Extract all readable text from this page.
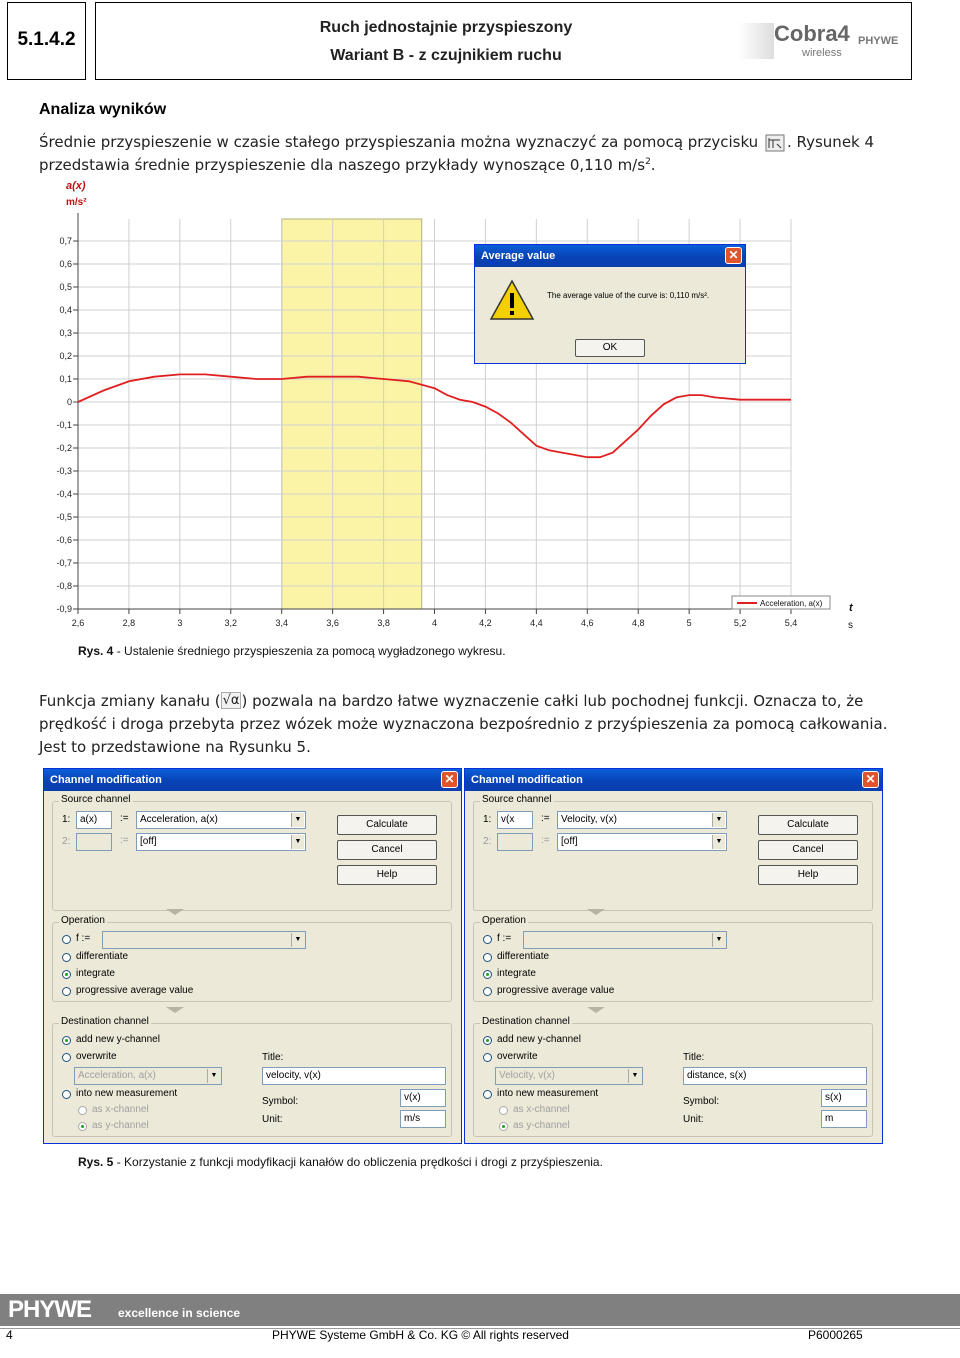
5.1.4.2
Ruch jednostajnie przyspieszony
Wariant B - z czujnikiem ruchu
Cobra4
wireless
PHYWE
Analiza wyników
Średnie przyspieszenie w czasie stałego przyspieszania można wyznaczyć za pomocą przycisku . Rysunek 4
przedstawia średnie przyspieszenie dla naszego przykłady wynoszące 0,110 $m/s^2$.
2,6	2,8	3	3,2	3,4	3,6	3,8	4	4,2	4,4	4,6	4,8	5	5,2	5,4
0,7
0,6
0,5
0,4
0,3
0,2
0,1
0
-0,1
-0,2
-0,3
-0,4
-0,5
-0,6
-0,7
-0,8
-0,9
a(x)
m/s²
t
s
Acceleration, a(x)
Average value	✕
The average value of the curve is: 0,110 m/s².
OK
Rys. 4 - Ustalenie średniego przyspieszenia za pomocą wygładzonego wykresu.
Funkcja zmiany kanału ( √α ) pozwala na bardzo łatwe wyznaczenie całki lub pochodnej funkcji. Oznacza to, że
prędkość i droga przebyta przez wózek może wyznaczona bezpośrednio z przyśpieszenia za pomocą całkowania.
Jest to przedstawione na Rysunku 5.
Channel modification	✕
Source channel
1: a(x)	:=	Acceleration, a(x)	▼
2:	:=	[off]	▼
Calculate
Cancel
Help
Operation
f :=	▼
differentiate
integrate
progressive average value
Destination channel
add new y-channel
overwrite
Acceleration, a(x)	▼
into new measurement
as x-channel
as y-channel
Title:
velocity, v(x)
Symbol:	v(x)
Unit:	m/s
Channel modification	✕
Source channel
1: v(x	:=	Velocity, v(x)	▼
2:	:=	[off]	▼
Calculate
Cancel
Help
Operation
f :=	▼
differentiate
integrate
progressive average value
Destination channel
add new y-channel
overwrite
Velocity, v(x)	▼
into new measurement
as x-channel
as y-channel
Title:
distance, s(x)
Symbol:	s(x)
Unit:	m
Rys. 5 - Korzystanie z funkcji modyfikacji kanałów do obliczenia prędkości i drogi z przyśpieszenia.
PHYWE excellence in science
4	PHYWE Systeme GmbH & Co. KG © All rights reserved	P6000265
